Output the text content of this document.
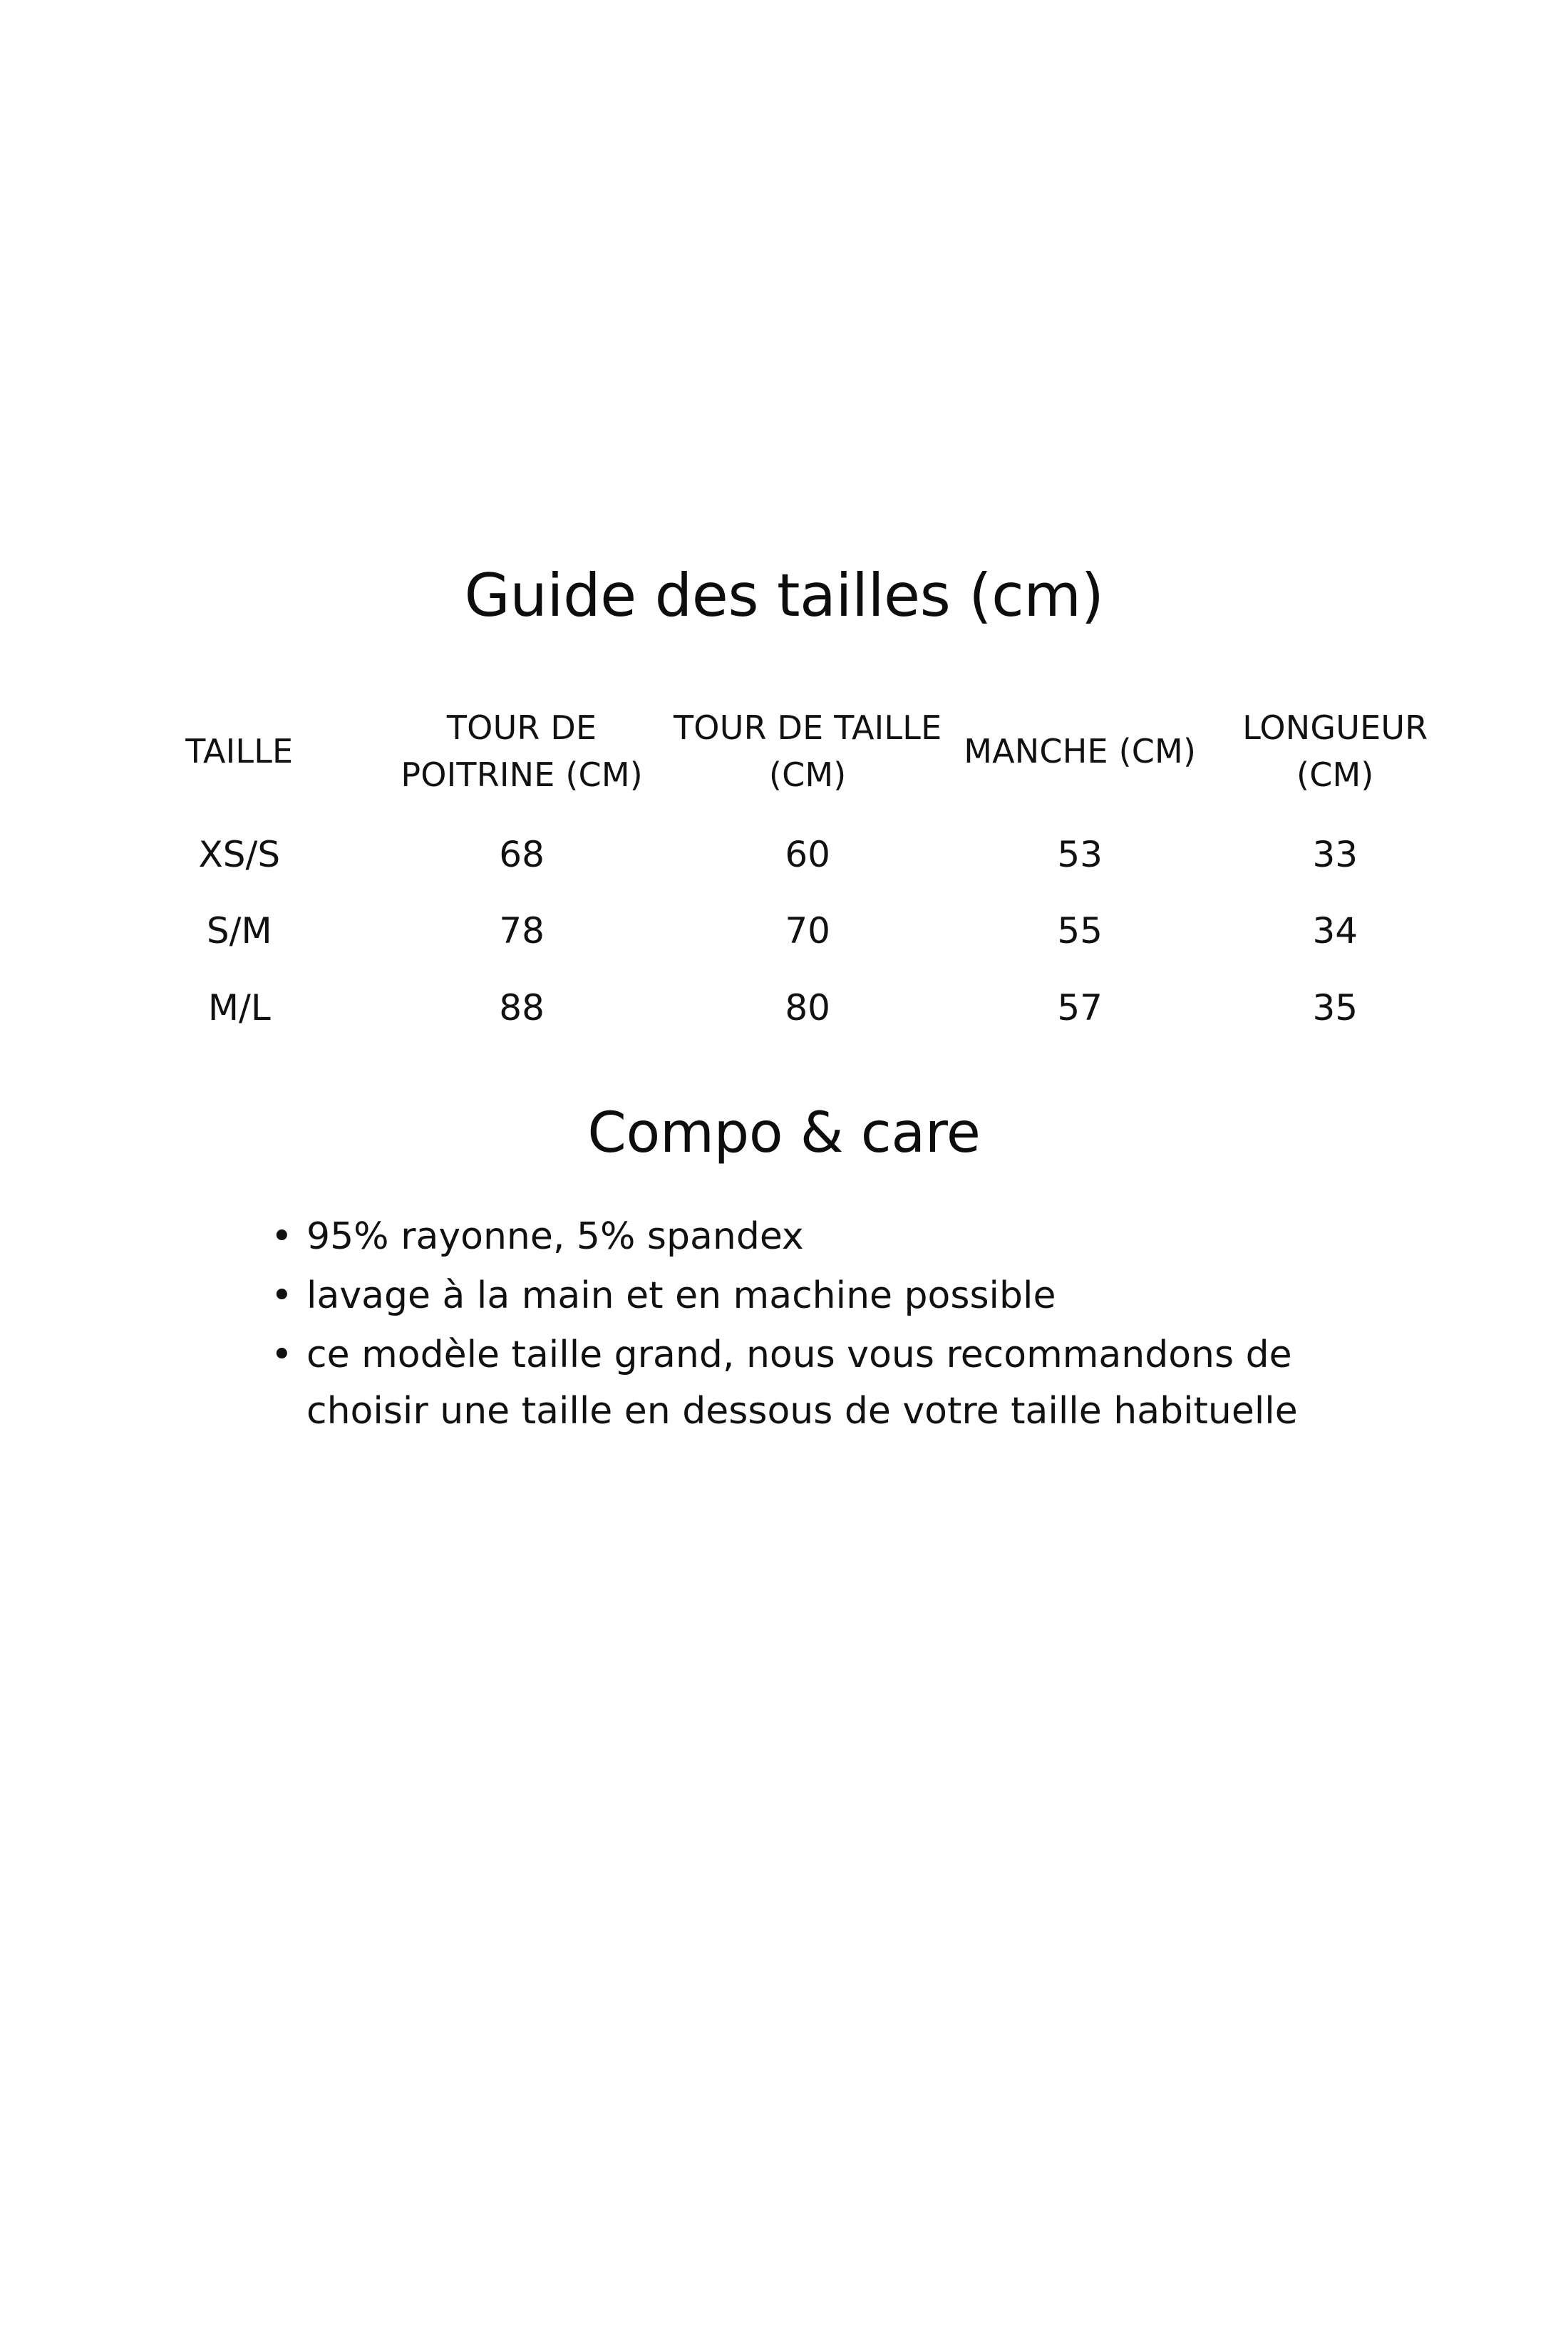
Guide des tailles (cm)
TAILLE	TOUR DE POITRINE (CM)	TOUR DE TAILLE (CM)	MANCHE (CM)	LONGUEUR (CM)
XS/S	68	60	53	33
S/M	78	70	55	34
M/L	88	80	57	35
Compo & care
• 95% rayonne, 5% spandex
• lavage à la main et en machine possible
• ce modèle taille grand, nous vous recommandons de choisir une taille en dessous de votre taille habituelle
